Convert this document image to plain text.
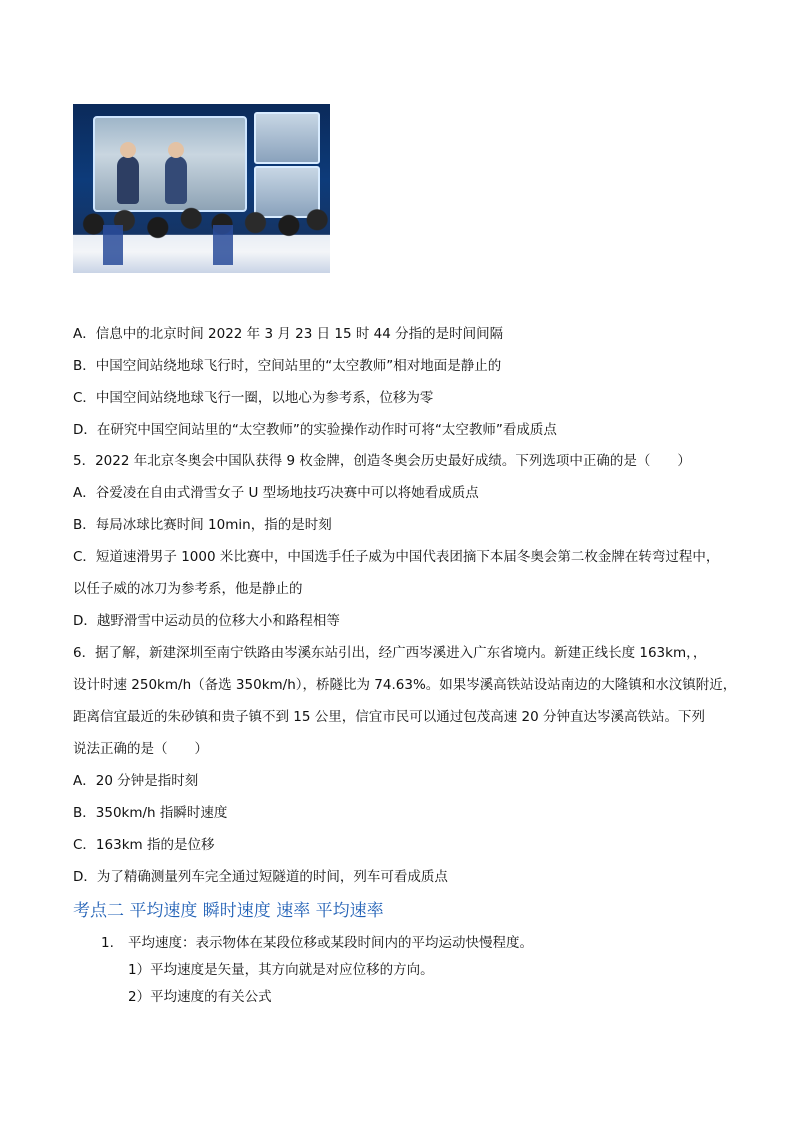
A．信息中的北京时间 2022 年 3 月 23 日 15 时 44 分指的是时间间隔

B．中国空间站绕地球飞行时，空间站里的“太空教师”相对地面是静止的

C．中国空间站绕地球飞行一圈，以地心为参考系，位移为零

D．在研究中国空间站里的“太空教师”的实验操作动作时可将“太空教师”看成质点

5．2022 年北京冬奥会中国队获得 9 枚金牌，创造冬奥会历史最好成绩。下列选项中正确的是（　　）

A．谷爱凌在自由式滑雪女子 U 型场地技巧决赛中可以将她看成质点

B．每局冰球比赛时间 10min，指的是时刻

C．短道速滑男子 1000 米比赛中，中国选手任子威为中国代表团摘下本届冬奥会第二枚金牌在转弯过程中，

以任子威的冰刀为参考系，他是静止的

D．越野滑雪中运动员的位移大小和路程相等

6．据了解，新建深圳至南宁铁路由岑溪东站引出，经广西岑溪进入广东省境内。新建正线长度 163km，，

设计时速 250km/h（备选 350km/h），桥隧比为 74.63%。如果岑溪高铁站设站南边的大隆镇和水汶镇附近，

距离信宜最近的朱砂镇和贵子镇不到 15 公里，信宜市民可以通过包茂高速 20 分钟直达岑溪高铁站。下列

说法正确的是（　　）

A．20 分钟是指时刻

B．350km/h 指瞬时速度

C．163km 指的是位移

D．为了精确测量列车完全通过短隧道的时间，列车可看成质点

考点二 平均速度 瞬时速度 速率 平均速率
1. 平均速度：表示物体在某段位移或某段时间内的平均运动快慢程度。
1）平均速度是矢量，其方向就是对应位移的方向。
2）平均速度的有关公式
